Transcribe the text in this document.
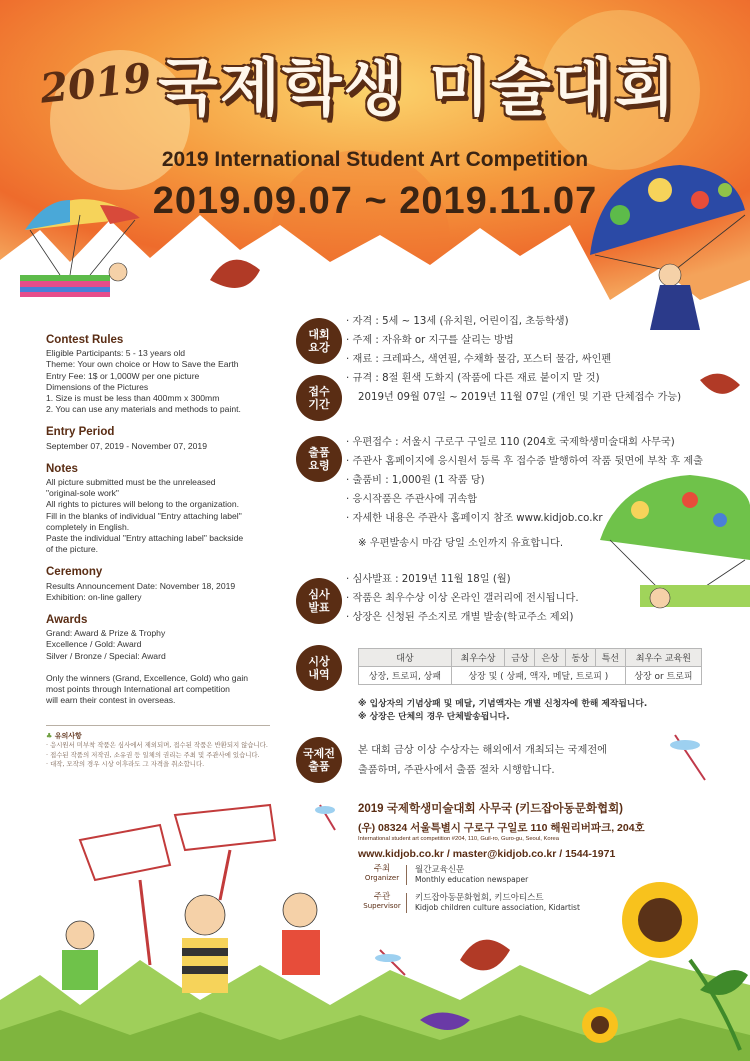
2019 국제학생 미술대회
2019 International Student Art Competition
2019.09.07 ~ 2019.11.07
Contest Rules
Eligible Participants: 5 - 13 years old
Theme: Your own choice or How to Save the Earth
Entry Fee: 1$ or 1,000W per one picture
Dimensions of the Pictures
1. Size is must be less than 400mm x 300mm
2. You can use any materials and methods to paint.
Entry Period
September 07, 2019 - November 07, 2019
Notes
All picture submitted must be the unreleased
"original-sole work"
All rights to pictures will belong to the organization.
Fill in the blanks of individual "Entry attaching label"
completely in English.
Paste the individual "Entry attaching label" backside
of the picture.
Ceremony
Results Announcement Date: November 18, 2019
Exhibition: on-line gallery
Awards
Grand: Award & Prize & Trophy
Excellence / Gold: Award
Silver / Bronze / Special: Award
Only the winners (Grand, Excellence, Gold) who gain
most points through International art competition
will earn their contest in overseas.
♣ 유의사항
· 응시원서 미부착 작품은 심사에서 제외되며, 접수된 작품은 반환되지 않습니다.
· 접수된 작품의 저작권, 소유권 등 일체의 권리는 주최 및 주관사에 있습니다.
· 대작, 모작의 경우 시상 이후라도 그 자격을 취소합니다.
대회
요강
· 자격 : 5세 ~ 13세 (유치원, 어린이집, 초등학생)
· 주제 : 자유화 or 지구를 살리는 방법
· 재료 : 크레파스, 색연필, 수채화 물감, 포스터 물감, 싸인펜
· 규격 : 8절 흰색 도화지 (작품에 다른 재료 붙이지 말 것)
접수
기간
2019년 09월 07일 ~ 2019년 11월 07일 (개인 및 기관 단체접수 가능)
출품
요령
· 우편접수 : 서울시 구로구 구일로 110 (204호 국제학생미술대회 사무국)
· 주관사 홈페이지에 응시원서 등록 후 접수증 발행하여 작품 뒷면에 부착 후 제출
· 출품비 : 1,000원 (1 작품 당)
· 응시작품은 주관사에 귀속함
· 자세한 내용은 주관사 홈페이지 참조 www.kidjob.co.kr
※ 우편발송시 마감 당일 소인까지 유효합니다.
심사
발표
· 심사발표 : 2019년 11월 18일 (월)
· 작품은 최우수상 이상 온라인 갤러리에 전시됩니다.
· 상장은 신청된 주소지로 개별 발송(학교주소 제외)
시상
내역
대상	최우수상	금상	은상	동상	특선	최우수 교육원
상장, 트로피, 상패	상장 및 ( 상패, 액자, 메달, 트로피 )					상장 or 트로피
※ 입상자의 기념상패 및 메달, 기념액자는 개별 신청자에 한해 제작됩니다.
※ 상장은 단체의 경우 단체발송됩니다.
국제전
출품
본 대회 금상 이상 수상자는 해외에서 개최되는 국제전에
출품하며, 주관사에서 출품 절차 시행합니다.
2019 국제학생미술대회 사무국 (키드잡아동문화협회)
(우) 08324 서울특별시 구로구 구일로 110 해원리버파크, 204호
International student art competition #204, 110, Guil-ro, Guro-gu, Seoul, Korea
www.kidjob.co.kr / master@kidjob.co.kr / 1544-1971
주최
Organizer
월간교육신문
Monthly education newspaper
주관
Supervisor
키드잡아동문화협회, 키드아티스트
Kidjob children culture association, Kidartist
